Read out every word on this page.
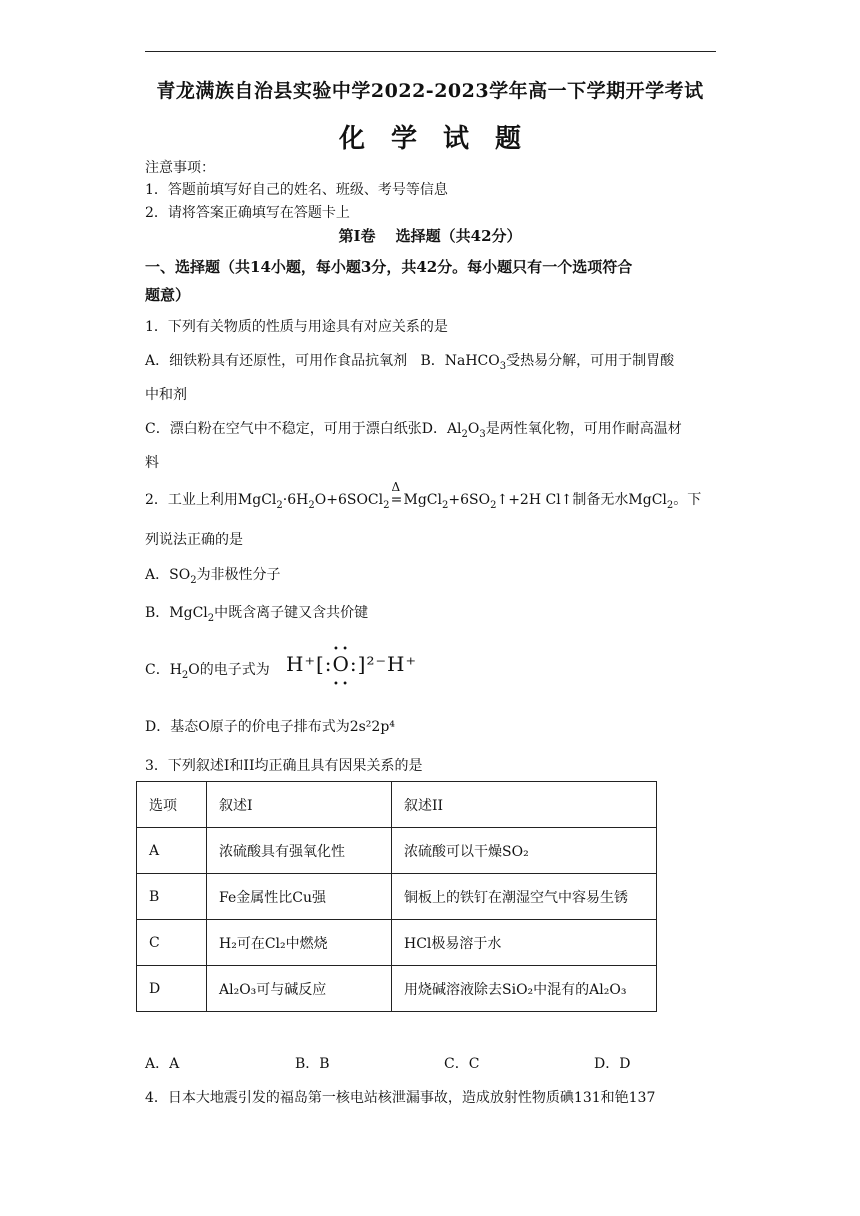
青龙满族自治县实验中学2022-2023学年高一下学期开学考试
化学试题
注意事项：
1．答题前填写好自己的姓名、班级、考号等信息
2．请将答案正确填写在答题卡上
第I卷　 选择题（共42分）
一、选择题（共14小题，每小题3分，共42分。每小题只有一个选项符合
题意）
1．下列有关物质的性质与用途具有对应关系的是
A．细铁粉具有还原性，可用作食品抗氧剂 B．NaHCO$_3$受热易分解，可用于制胃酸
中和剂
C．漂白粉在空气中不稳定，可用于漂白纸张D．$Al_2O_3$是两性氧化物，可用作耐高温材
料
2．工业上利用$MgCl_2\cdot 6H_2O+6SOCl_2$
Δ
$=MgCl_2+6SO_2↑+2H$ Cl↑制备无水MgCl$_2$。下
列说法正确的是
A．$SO_2$为非极性分子
B．MgCl$_2$中既含离子键又含共价键
C．$H_2O$的电子式为 H⁺[:O:]²⁻H⁺
• •
• •
D．基态O原子的价电子排布式为2s²2p⁴
3．下列叙述I和II均正确且具有因果关系的是
选项	叙述I	叙述II
A	浓硫酸具有强氧化性	浓硫酸可以干燥SO₂
B	Fe金属性比Cu强	铜板上的铁钉在潮湿空气中容易生锈
C	H₂可在Cl₂中燃烧	HCl极易溶于水
D	Al₂O₃可与碱反应	用烧碱溶液除去SiO₂中混有的Al₂O₃
A．A	B．B	C．C	D．D
4．日本大地震引发的福岛第一核电站核泄漏事故，造成放射性物质碘131和铯137
